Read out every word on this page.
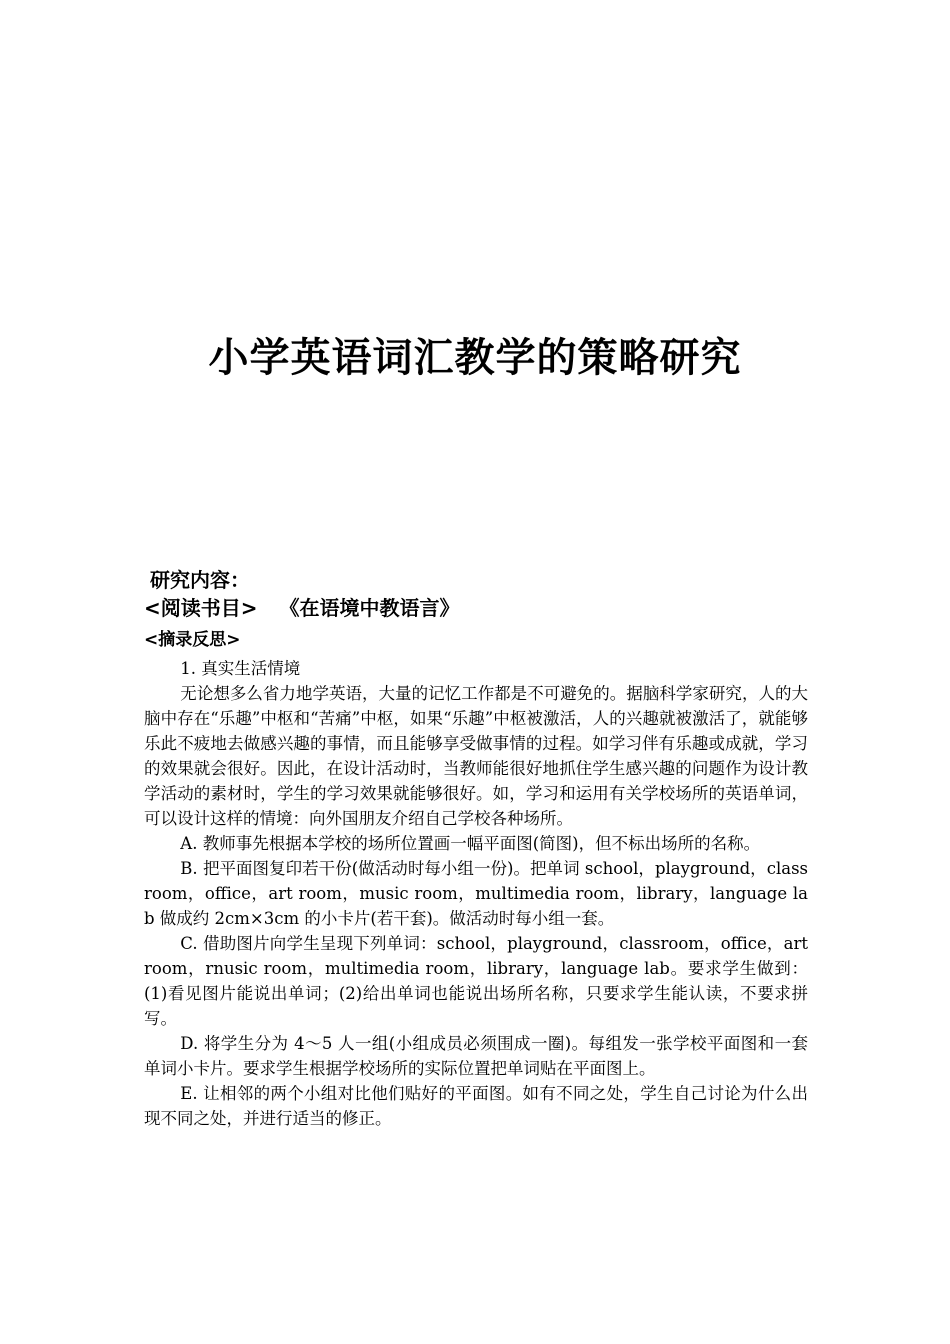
小学英语词汇教学的策略研究

研究内容：

<阅读书目> 《在语境中教语言》

<摘录反思>

1. 真实生活情境

无论想多么省力地学英语，大量的记忆工作都是不可避免的。据脑科学家研究，人的大脑中存在“乐趣”中枢和“苦痛”中枢，如果“乐趣”中枢被激活，人的兴趣就被激活了，就能够乐此不疲地去做感兴趣的事情，而且能够享受做事情的过程。如学习伴有乐趣或成就，学习的效果就会很好。因此，在设计活动时，当教师能很好地抓住学生感兴趣的问题作为设计教学活动的素材时，学生的学习效果就能够很好。如，学习和运用有关学校场所的英语单词，可以设计这样的情境：向外国朋友介绍自己学校各种场所。

A. 教师事先根据本学校的场所位置画一幅平面图(简图)，但不标出场所的名称。

B. 把平面图复印若干份(做活动时每小组一份)。把单词 school，playground，classroom，office，art room，music room，multimedia room，library，language lab 做成约 2cm×3cm 的小卡片(若干套)。做活动时每小组一套。

C. 借助图片向学生呈现下列单词：school，playground，classroom，office，art room，rnusic room，multimedia room，library，language lab。要求学生做到：(1)看见图片能说出单词；(2)给出单词也能说出场所名称，只要求学生能认读，不要求拼写。

D. 将学生分为 4～5 人一组(小组成员必须围成一圈)。每组发一张学校平面图和一套单词小卡片。要求学生根据学校场所的实际位置把单词贴在平面图上。

E. 让相邻的两个小组对比他们贴好的平面图。如有不同之处，学生自己讨论为什么出现不同之处，并进行适当的修正。
